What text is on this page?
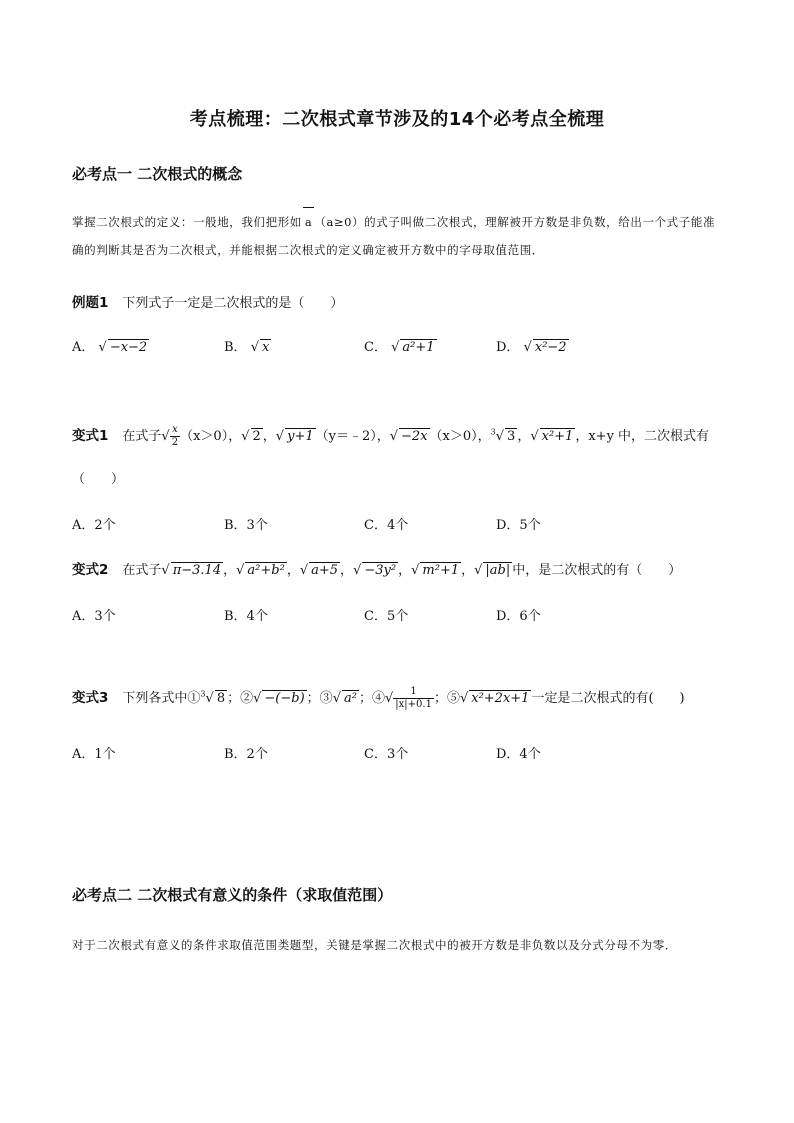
考点梳理：二次根式章节涉及的14个必考点全梳理
必考点一 二次根式的概念
掌握二次根式的定义：一般地，我们把形如 a （a≥0）的式子叫做二次根式，理解被开方数是非负数，给出一个式子能准确的判断其是否为二次根式，并能根据二次根式的定义确定被开方数中的字母取值范围．
例题1 下列式子一定是二次根式的是（　　）
A． √ −x−2	B． √ x	C． √ a²+1	D． √ x²−2
变式1 在式子√ $\frac{x}{2} (x>0)$，√ 2 ，√ y+1 （y＝﹣2），√ −2x （x＞0），$^3$√ 3 ，√ x²+1 ，x+y 中，二次根式有
（　　）
A．2个	B．3个	C．4个	D．5个
变式2 在式子√ π−3.14 ，√ a²+b² ，√ a+5 ，√ −3y² ，√ m²+1 ，√ |ab| 中，是二次根式的有（　　）
A．3个	B．4个	C．5个	D．6个
变式3 下列各式中①$^3$√ 8 ；②√ −(−b) ；③√ a² ；④√ $\frac{1}{|x|+0.1}$ ；⑤√ x²+2x+1 一定是二次根式的有(　　)
A．1个	B．2个	C．3个	D．4个
必考点二 二次根式有意义的条件（求取值范围）
对于二次根式有意义的条件求取值范围类题型，关键是掌握二次根式中的被开方数是非负数以及分式分母不为零．
